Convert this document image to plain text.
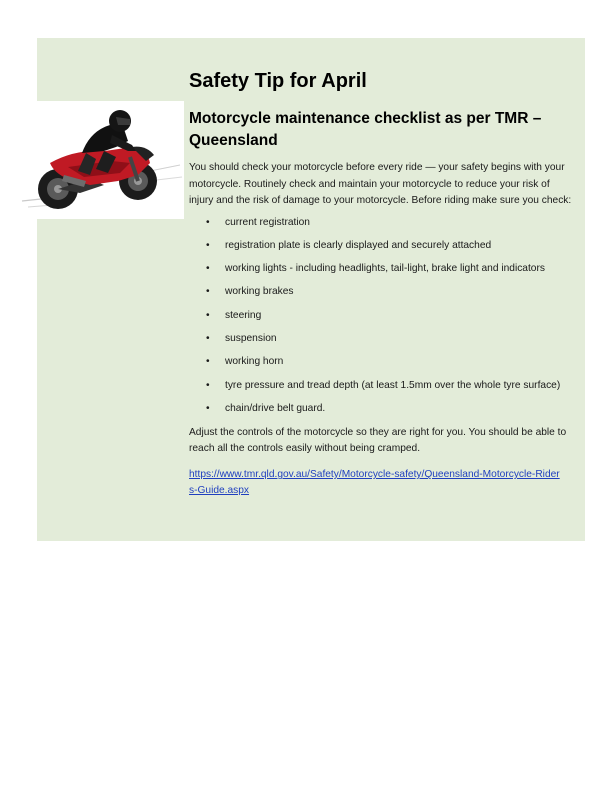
Safety Tip for April
Motorcycle maintenance checklist as per TMR – Queensland

You should check your motorcycle before every ride — your safety begins with your motorcycle. Routinely check and maintain your motorcycle to reduce your risk of injury and the risk of damage to your motorcycle. Before riding make sure you check:

• current registration
• registration plate is clearly displayed and securely attached
• working lights - including headlights, tail-light, brake light and indicators
• working brakes
• steering
• suspension
• working horn
• tyre pressure and tread depth (at least 1.5mm over the whole tyre surface)
• chain/drive belt guard.

Adjust the controls of the motorcycle so they are right for you. You should be able to reach all the controls easily without being cramped.

https://www.tmr.qld.gov.au/Safety/Motorcycle-safety/Queensland-Motorcycle-Riders-Guide.aspx
